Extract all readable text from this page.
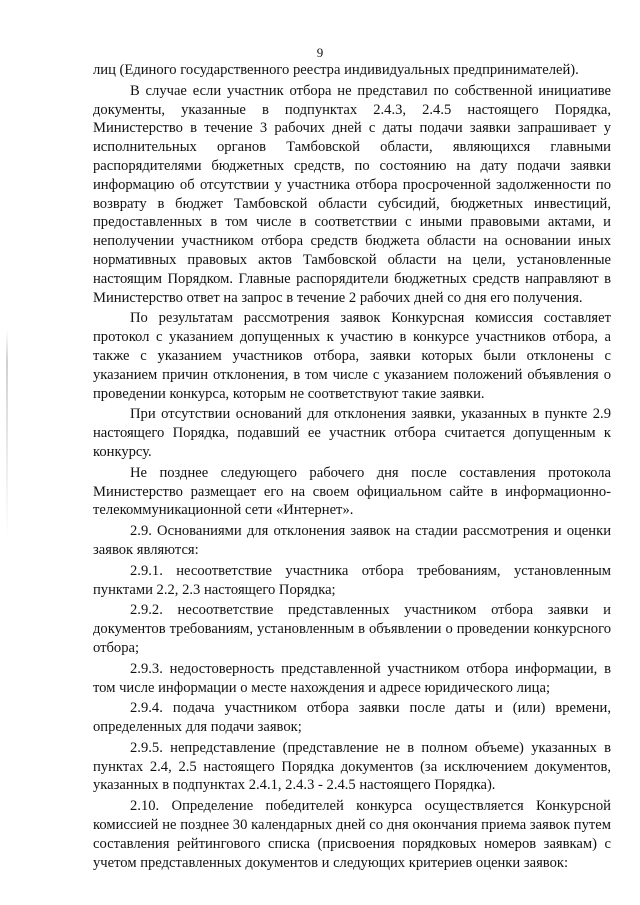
9

лиц (Единого государственного реестра индивидуальных предпринимателей).

В случае если участник отбора не представил по собственной инициативе документы, указанные в подпунктах 2.4.3, 2.4.5 настоящего Порядка, Министерство в течение 3 рабочих дней с даты подачи заявки запрашивает у исполнительных органов Тамбовской области, являющихся главными распорядителями бюджетных средств, по состоянию на дату подачи заявки информацию об отсутствии у участника отбора просроченной задолженности по возврату в бюджет Тамбовской области субсидий, бюджетных инвестиций, предоставленных в том числе в соответствии с иными правовыми актами, и неполучении участником отбора средств бюджета области на основании иных нормативных правовых актов Тамбовской области на цели, установленные настоящим Порядком. Главные распорядители бюджетных средств направляют в Министерство ответ на запрос в течение 2 рабочих дней со дня его получения.

По результатам рассмотрения заявок Конкурсная комиссия составляет протокол с указанием допущенных к участию в конкурсе участников отбора, а также с указанием участников отбора, заявки которых были отклонены с указанием причин отклонения, в том числе с указанием положений объявления о проведении конкурса, которым не соответствуют такие заявки.

При отсутствии оснований для отклонения заявки, указанных в пункте 2.9 настоящего Порядка, подавший ее участник отбора считается допущенным к конкурсу.

Не позднее следующего рабочего дня после составления протокола Министерство размещает его на своем официальном сайте в информационно-телекоммуникационной сети «Интернет».

2.9. Основаниями для отклонения заявок на стадии рассмотрения и оценки заявок являются:

2.9.1. несоответствие участника отбора требованиям, установленным пунктами 2.2, 2.3 настоящего Порядка;

2.9.2. несоответствие представленных участником отбора заявки и документов требованиям, установленным в объявлении о проведении конкурсного отбора;

2.9.3. недостоверность представленной участником отбора информации, в том числе информации о месте нахождения и адресе юридического лица;

2.9.4. подача участником отбора заявки после даты и (или) времени, определенных для подачи заявок;

2.9.5. непредставление (представление не в полном объеме) указанных в пунктах 2.4, 2.5 настоящего Порядка документов (за исключением документов, указанных в подпунктах 2.4.1, 2.4.3 - 2.4.5 настоящего Порядка).

2.10. Определение победителей конкурса осуществляется Конкурсной комиссией не позднее 30 календарных дней со дня окончания приема заявок путем составления рейтингового списка (присвоения порядковых номеров заявкам) с учетом представленных документов и следующих критериев оценки заявок:
